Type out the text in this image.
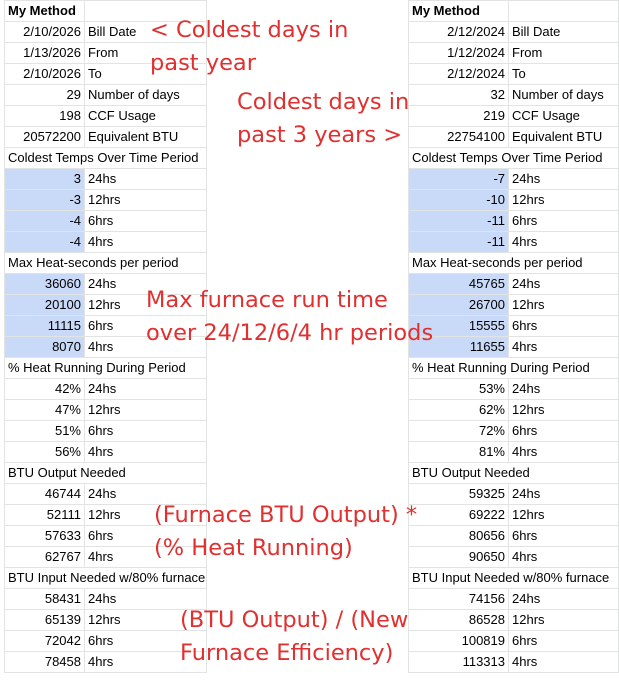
My Method	
2/10/2026	Bill Date
1/13/2026	From
2/10/2026	To
29	Number of days
198	CCF Usage
20572200	Equivalent BTU
Coldest Temps Over Time Period	
3	24hs
-3	12hrs
-4	6hrs
-4	4hrs
Max Heat-seconds per period	
36060	24hs
20100	12hrs
11115	6hrs
8070	4hrs
% Heat Running During Period	
42%	24hs
47%	12hrs
51%	6hrs
56%	4hrs
BTU Output Needed	
46744	24hs
52111	12hrs
57633	6hrs
62767	4hrs
BTU Input Needed w/80% furnace	
58431	24hs
65139	12hrs
72042	6hrs
78458	4hrs
My Method	
2/12/2024	Bill Date
1/12/2024	From
2/12/2024	To
32	Number of days
219	CCF Usage
22754100	Equivalent BTU
Coldest Temps Over Time Period	
-7	24hs
-10	12hrs
-11	6hrs
-11	4hrs
Max Heat-seconds per period	
45765	24hs
26700	12hrs
15555	6hrs
11655	4hrs
% Heat Running During Period	
53%	24hs
62%	12hrs
72%	6hrs
81%	4hrs
BTU Output Needed	
59325	24hs
69222	12hrs
80656	6hrs
90650	4hrs
BTU Input Needed w/80% furnace	
74156	24hs
86528	12hrs
100819	6hrs
113313	4hrs
< Coldest days in
past year
Coldest days in
past 3 years >
Max furnace run time
over 24/12/6/4 hr periods
(Furnace BTU Output) *
(% Heat Running)
(BTU Output) / (New
Furnace Efficiency)
